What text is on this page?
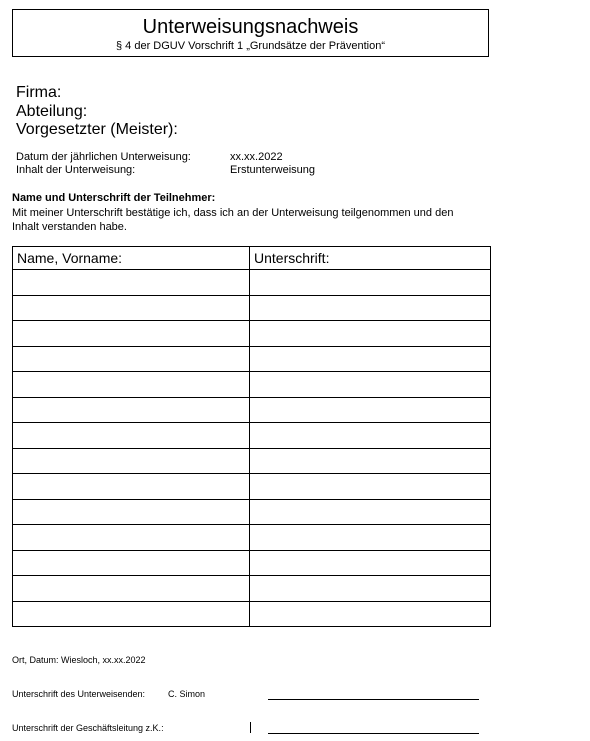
Unterweisungsnachweis
§ 4 der DGUV Vorschrift 1 „Grundsätze der Prävention“
Firma:
Abteilung:
Vorgesetzter (Meister):
Datum der jährlichen Unterweisung:	xx.xx.2022
Inhalt der Unterweisung:	Erstunterweisung
Name und Unterschrift der Teilnehmer:
Mit meiner Unterschrift bestätige ich, dass ich an der Unterweisung teilgenommen und den Inhalt verstanden habe.
Name, Vorname:	Unterschrift:

Ort, Datum: Wiesloch, xx.xx.2022
Unterschrift des Unterweisenden:	C. Simon
Unterschrift der Geschäftsleitung z.K.:
